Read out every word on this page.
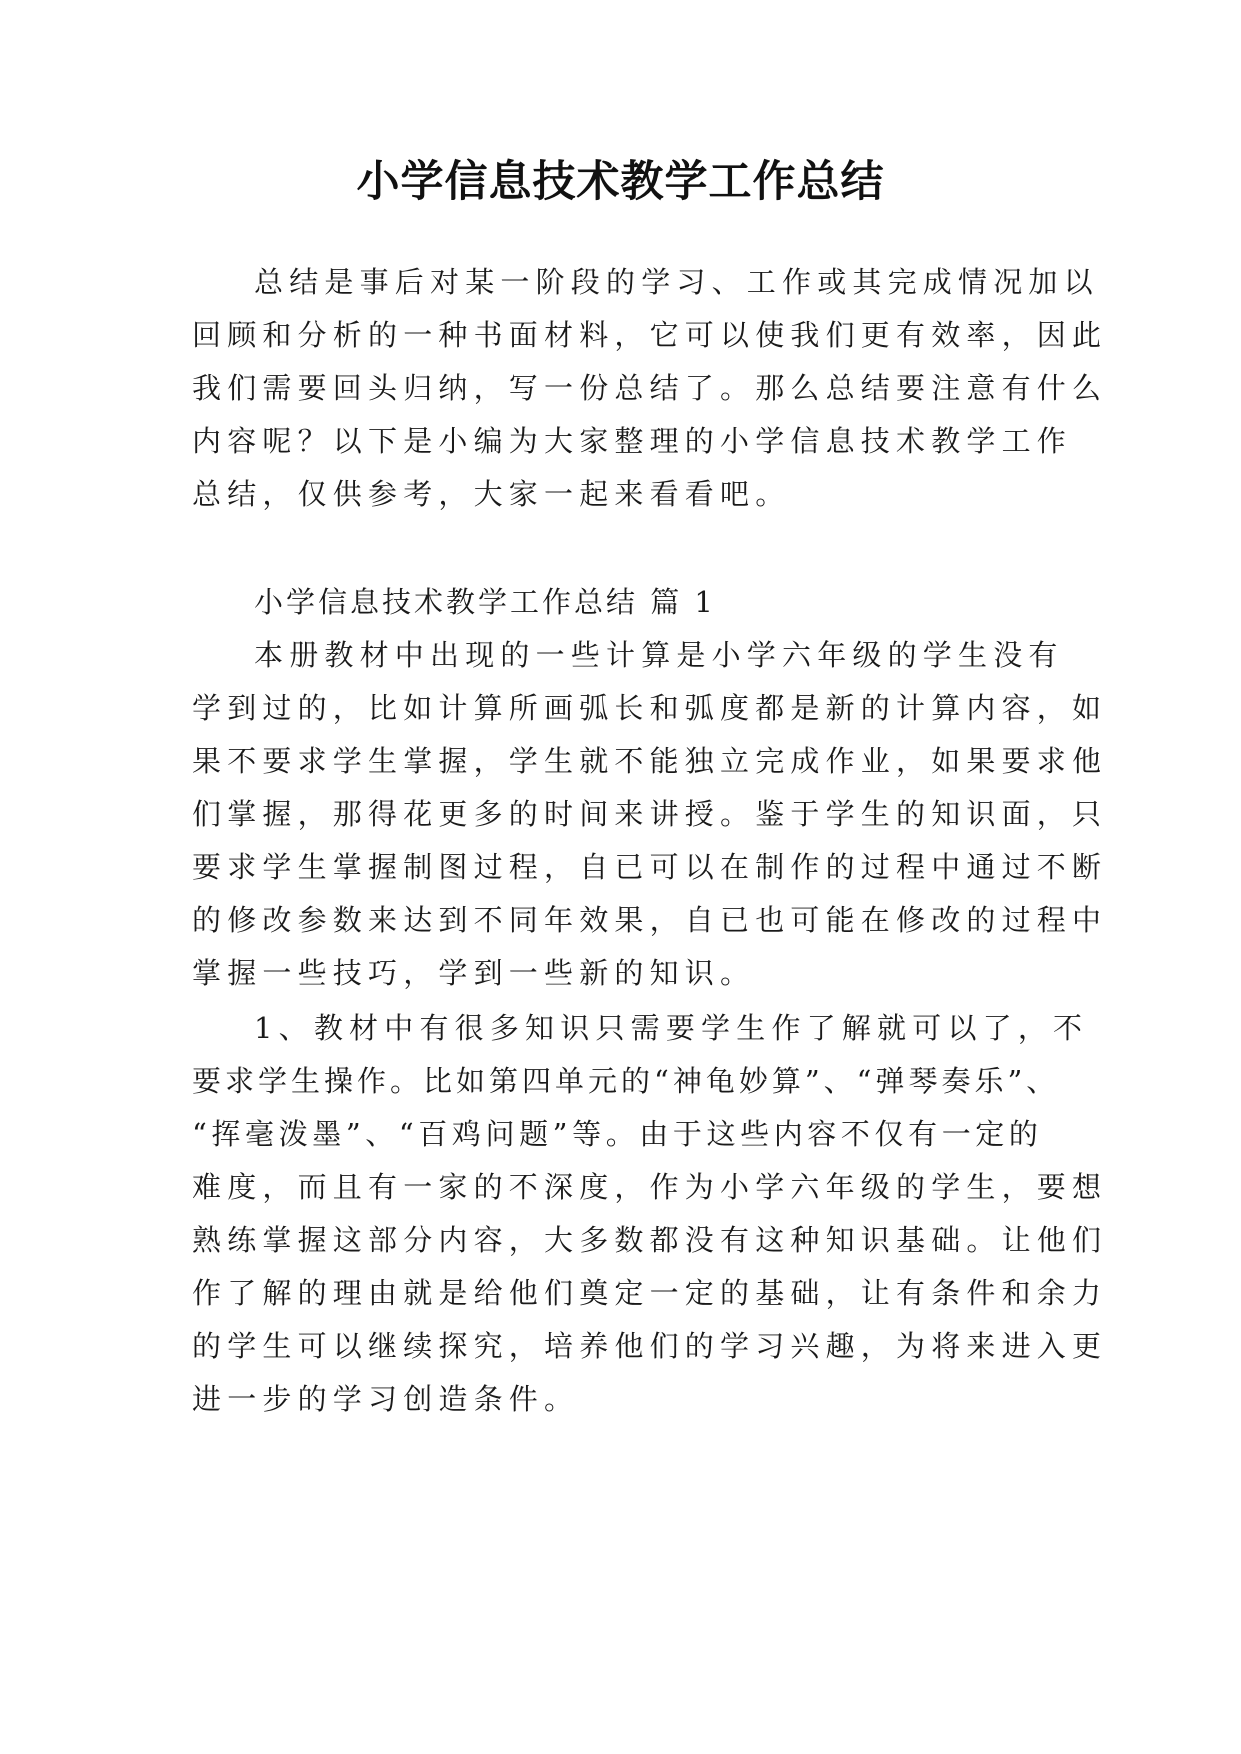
小学信息技术教学工作总结
总结是事后对某一阶段的学习、工作或其完成情况加以
回顾和分析的一种书面材料，它可以使我们更有效率，因此
我们需要回头归纳，写一份总结了。那么总结要注意有什么
内容呢？以下是小编为大家整理的小学信息技术教学工作
总结，仅供参考，大家一起来看看吧。
小学信息技术教学工作总结 篇 1
本册教材中出现的一些计算是小学六年级的学生没有
学到过的，比如计算所画弧长和弧度都是新的计算内容，如
果不要求学生掌握，学生就不能独立完成作业，如果要求他
们掌握，那得花更多的时间来讲授。鉴于学生的知识面，只
要求学生掌握制图过程，自已可以在制作的过程中通过不断
的修改参数来达到不同年效果，自已也可能在修改的过程中
掌握一些技巧，学到一些新的知识。
1、教材中有很多知识只需要学生作了解就可以了，不
要求学生操作。比如第四单元的“神龟妙算”、“弹琴奏乐”、
“挥毫泼墨”、“百鸡问题”等。由于这些内容不仅有一定的
难度，而且有一家的不深度，作为小学六年级的学生，要想
熟练掌握这部分内容，大多数都没有这种知识基础。让他们
作了解的理由就是给他们奠定一定的基础，让有条件和余力
的学生可以继续探究，培养他们的学习兴趣，为将来进入更
进一步的学习创造条件。
